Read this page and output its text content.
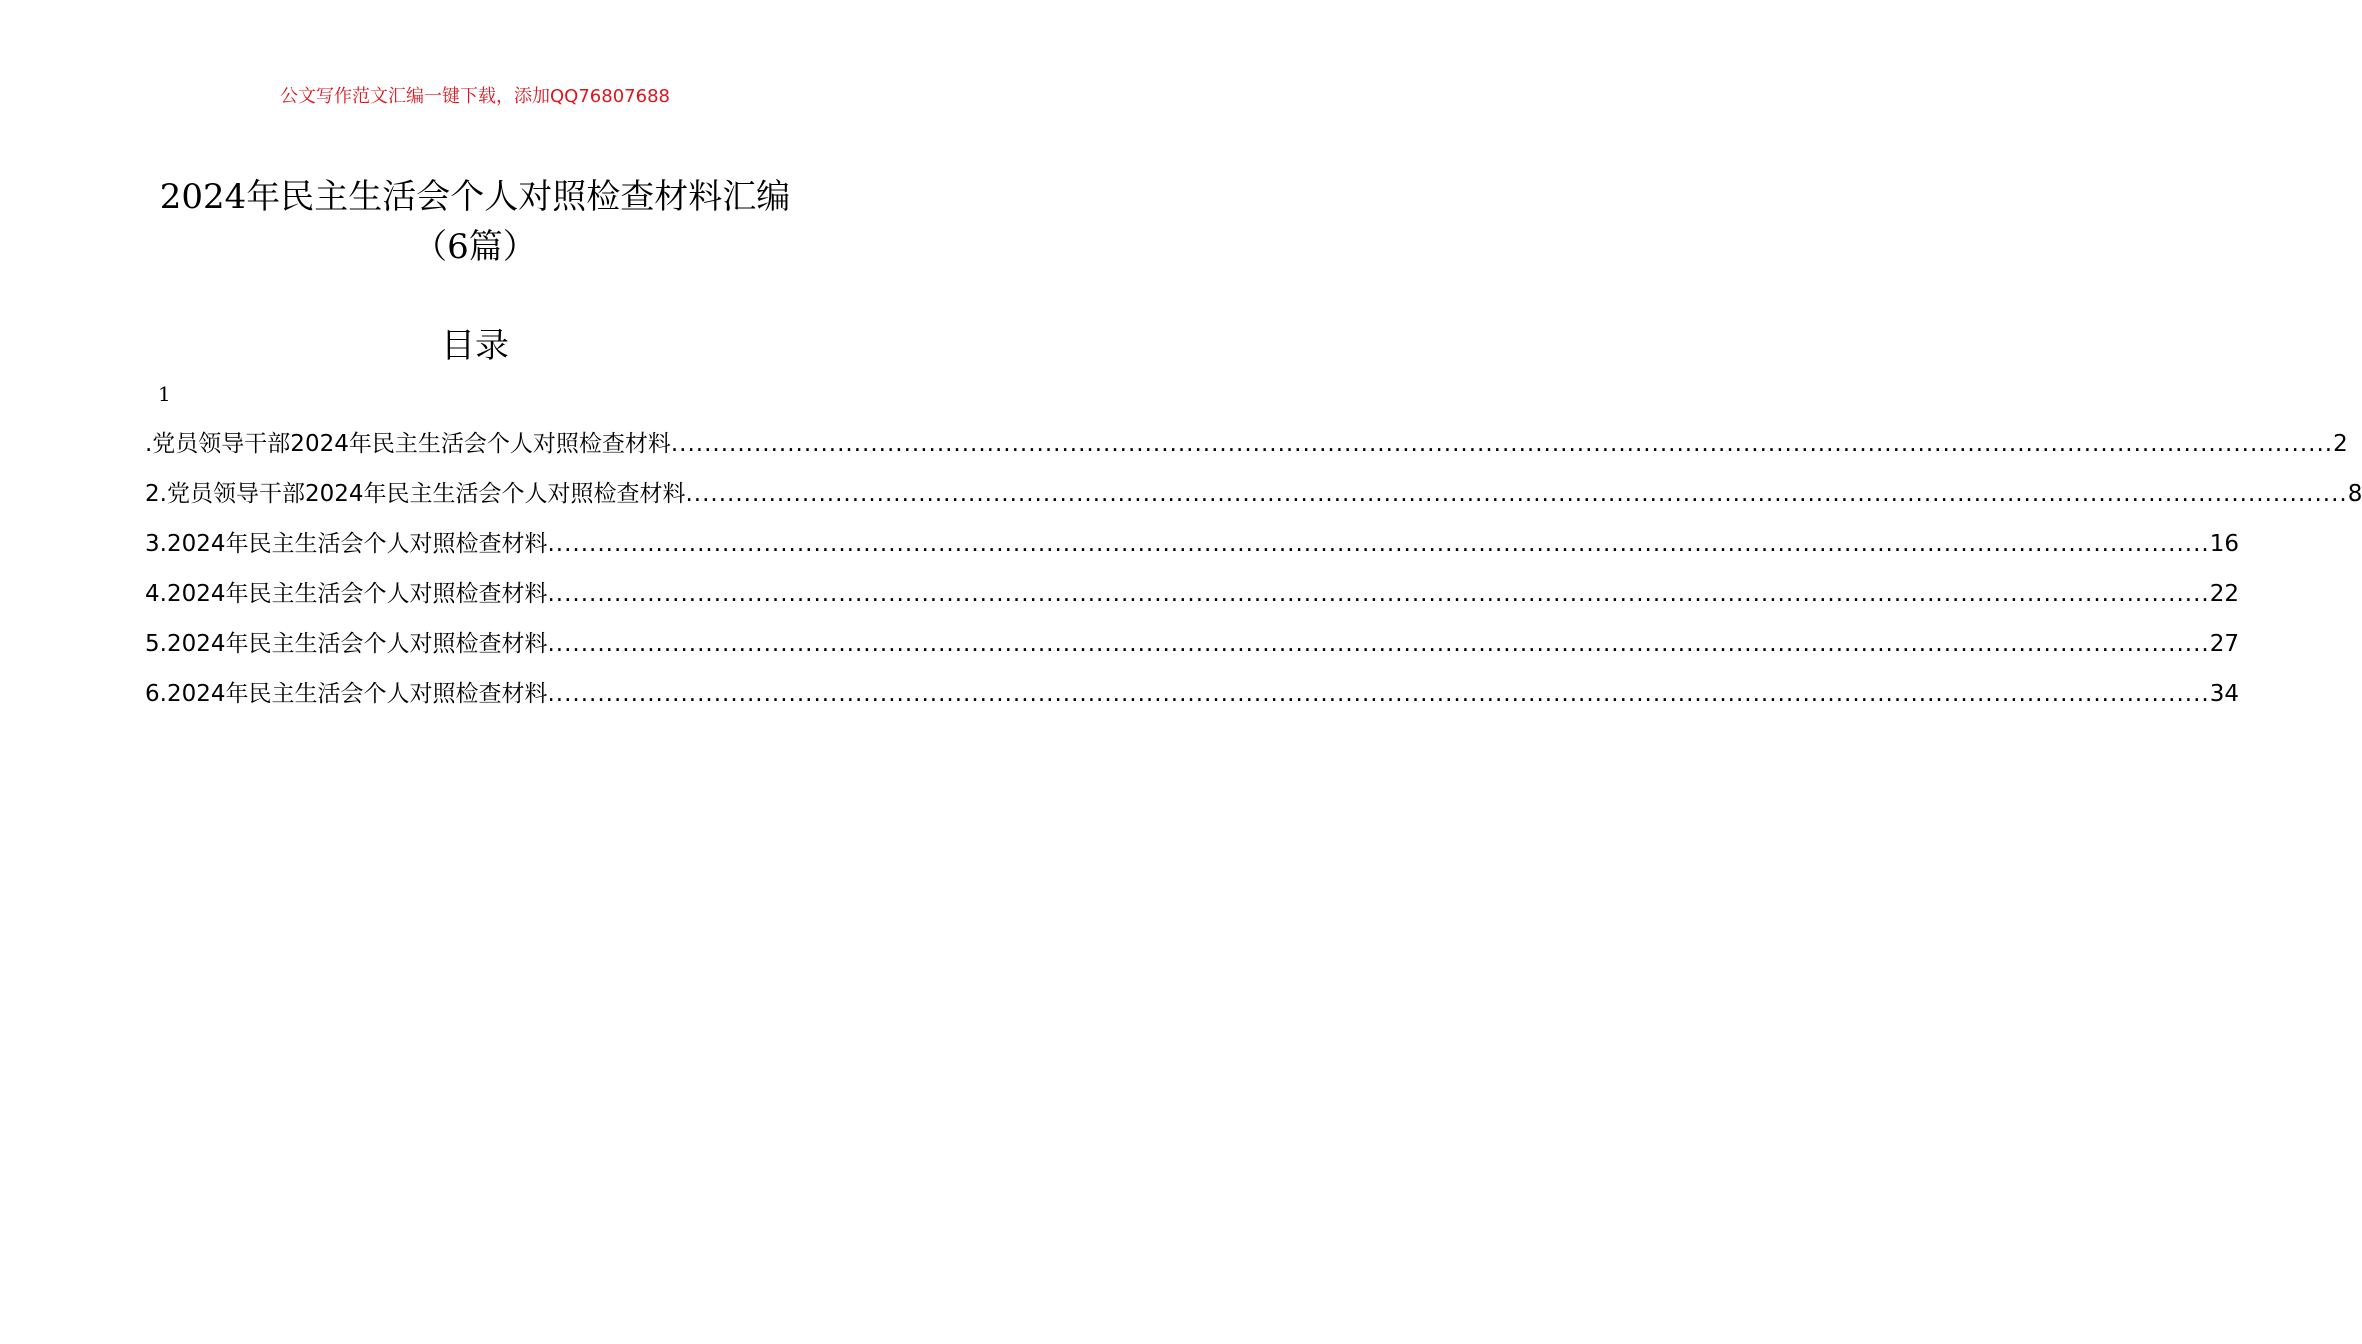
公文写作范文汇编一键下载，添加QQ76807688
2024年民主生活会个人对照检查材料汇编
（6篇）
目录
1
.党员领导干部2024年民主生活会个人对照检查材料 ........................................................................................................................................................................................................ 2
2.党员领导干部2024年民主生活会个人对照检查材料 ........................................................................................................................................................................................................ 8
3.2024年民主生活会个人对照检查材料 ........................................................................................................................................................................................................ 16
4.2024年民主生活会个人对照检查材料 ........................................................................................................................................................................................................ 22
5.2024年民主生活会个人对照检查材料 ........................................................................................................................................................................................................ 27
6.2024年民主生活会个人对照检查材料 ........................................................................................................................................................................................................ 34
